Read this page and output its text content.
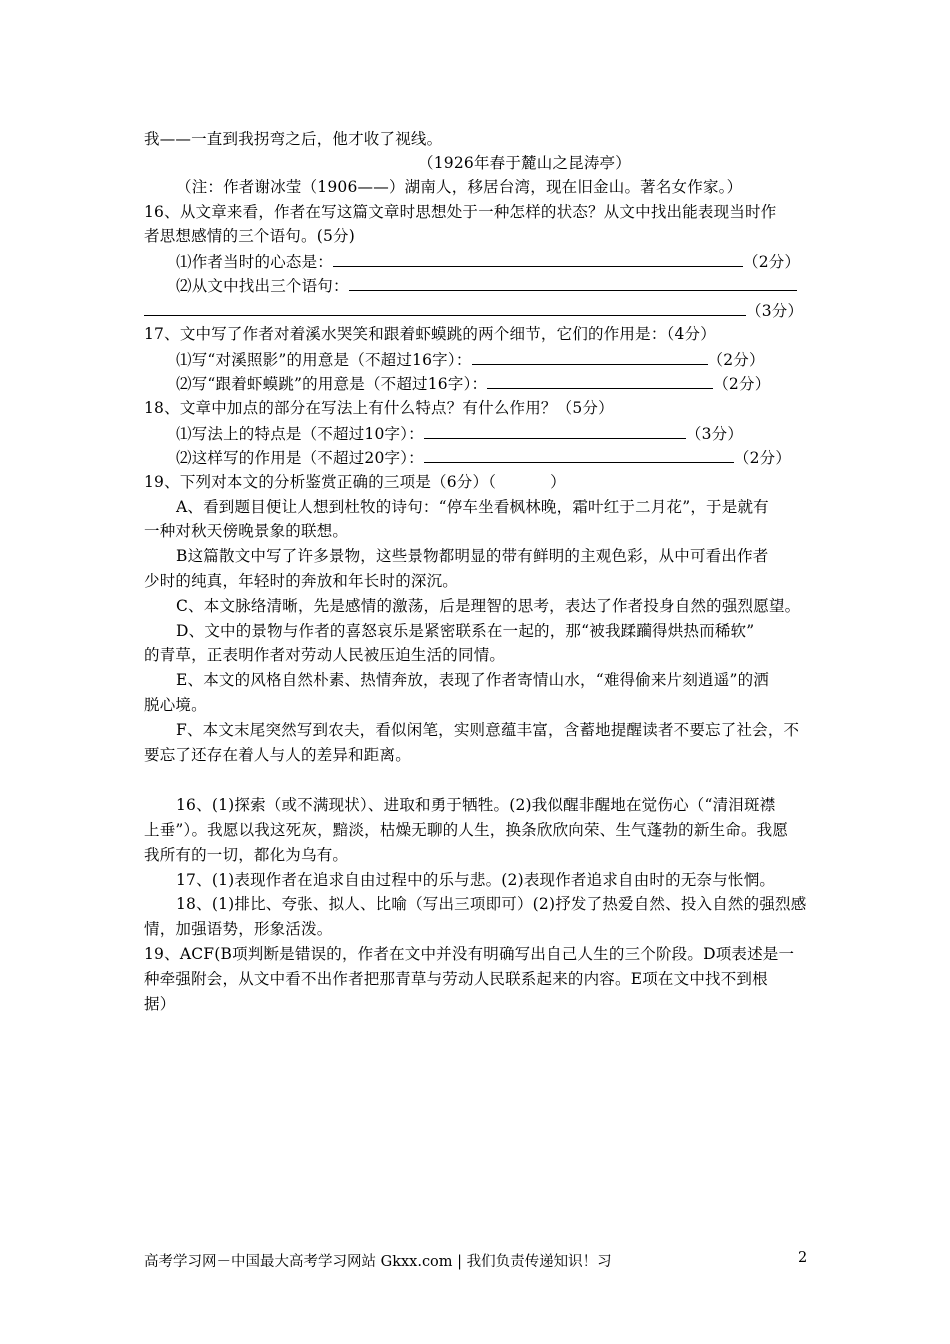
我——一直到我拐弯之后，他才收了视线。
（1926年春于麓山之昆涛亭）
（注：作者谢冰莹（1906——）湖南人，移居台湾，现在旧金山。著名女作家。）
16、从文章来看，作者在写这篇文章时思想处于一种怎样的状态？从文中找出能表现当时作
者思想感情的三个语句。(5分)
⑴作者当时的心态是：	（2分）
⑵从文中找出三个语句：
（3分）
17、文中写了作者对着溪水哭笑和跟着虾蟆跳的两个细节，它们的作用是：（4分）
⑴写“对溪照影”的用意是（不超过16字）：	（2分）
⑵写“跟着虾蟆跳”的用意是（不超过16字）：	（2分）
18、文章中加点的部分在写法上有什么特点？有什么作用？（5分）
⑴写法上的特点是（不超过10字）：	（3分）
⑵这样写的作用是（不超过20字）：	（2分）
19、下列对本文的分析鉴赏正确的三项是（6分）（	）
A、看到题目便让人想到杜牧的诗句：“停车坐看枫林晚，霜叶红于二月花”，于是就有
一种对秋天傍晚景象的联想。
B这篇散文中写了许多景物，这些景物都明显的带有鲜明的主观色彩，从中可看出作者
少时的纯真，年轻时的奔放和年长时的深沉。
C、本文脉络清晰，先是感情的激荡，后是理智的思考，表达了作者投身自然的强烈愿望。
D、文中的景物与作者的喜怒哀乐是紧密联系在一起的，那“被我蹂躏得烘热而稀软”
的青草，正表明作者对劳动人民被压迫生活的同情。
E、本文的风格自然朴素、热情奔放，表现了作者寄情山水，“难得偷来片刻逍遥”的洒
脱心境。
F、本文末尾突然写到农夫，看似闲笔，实则意蕴丰富，含蓄地提醒读者不要忘了社会，不
要忘了还存在着人与人的差异和距离。
16、(1)探索（或不满现状）、进取和勇于牺牲。(2)我似醒非醒地在觉伤心（“清泪斑襟
上垂”）。我愿以我这死灰，黯淡，枯燥无聊的人生，换条欣欣向荣、生气蓬勃的新生命。我愿
我所有的一切，都化为乌有。
17、(1)表现作者在追求自由过程中的乐与悲。(2)表现作者追求自由时的无奈与怅惘。
18、(1)排比、夸张、拟人、比喻（写出三项即可）(2)抒发了热爱自然、投入自然的强烈感
情，加强语势，形象活泼。
19、ACF(B项判断是错误的，作者在文中并没有明确写出自己人生的三个阶段。D项表述是一
种牵强附会，从文中看不出作者把那青草与劳动人民联系起来的内容。E项在文中找不到根
据）
高考学习网－中国最大高考学习网站 Gkxx.com | 我们负责传递知识！习	2
